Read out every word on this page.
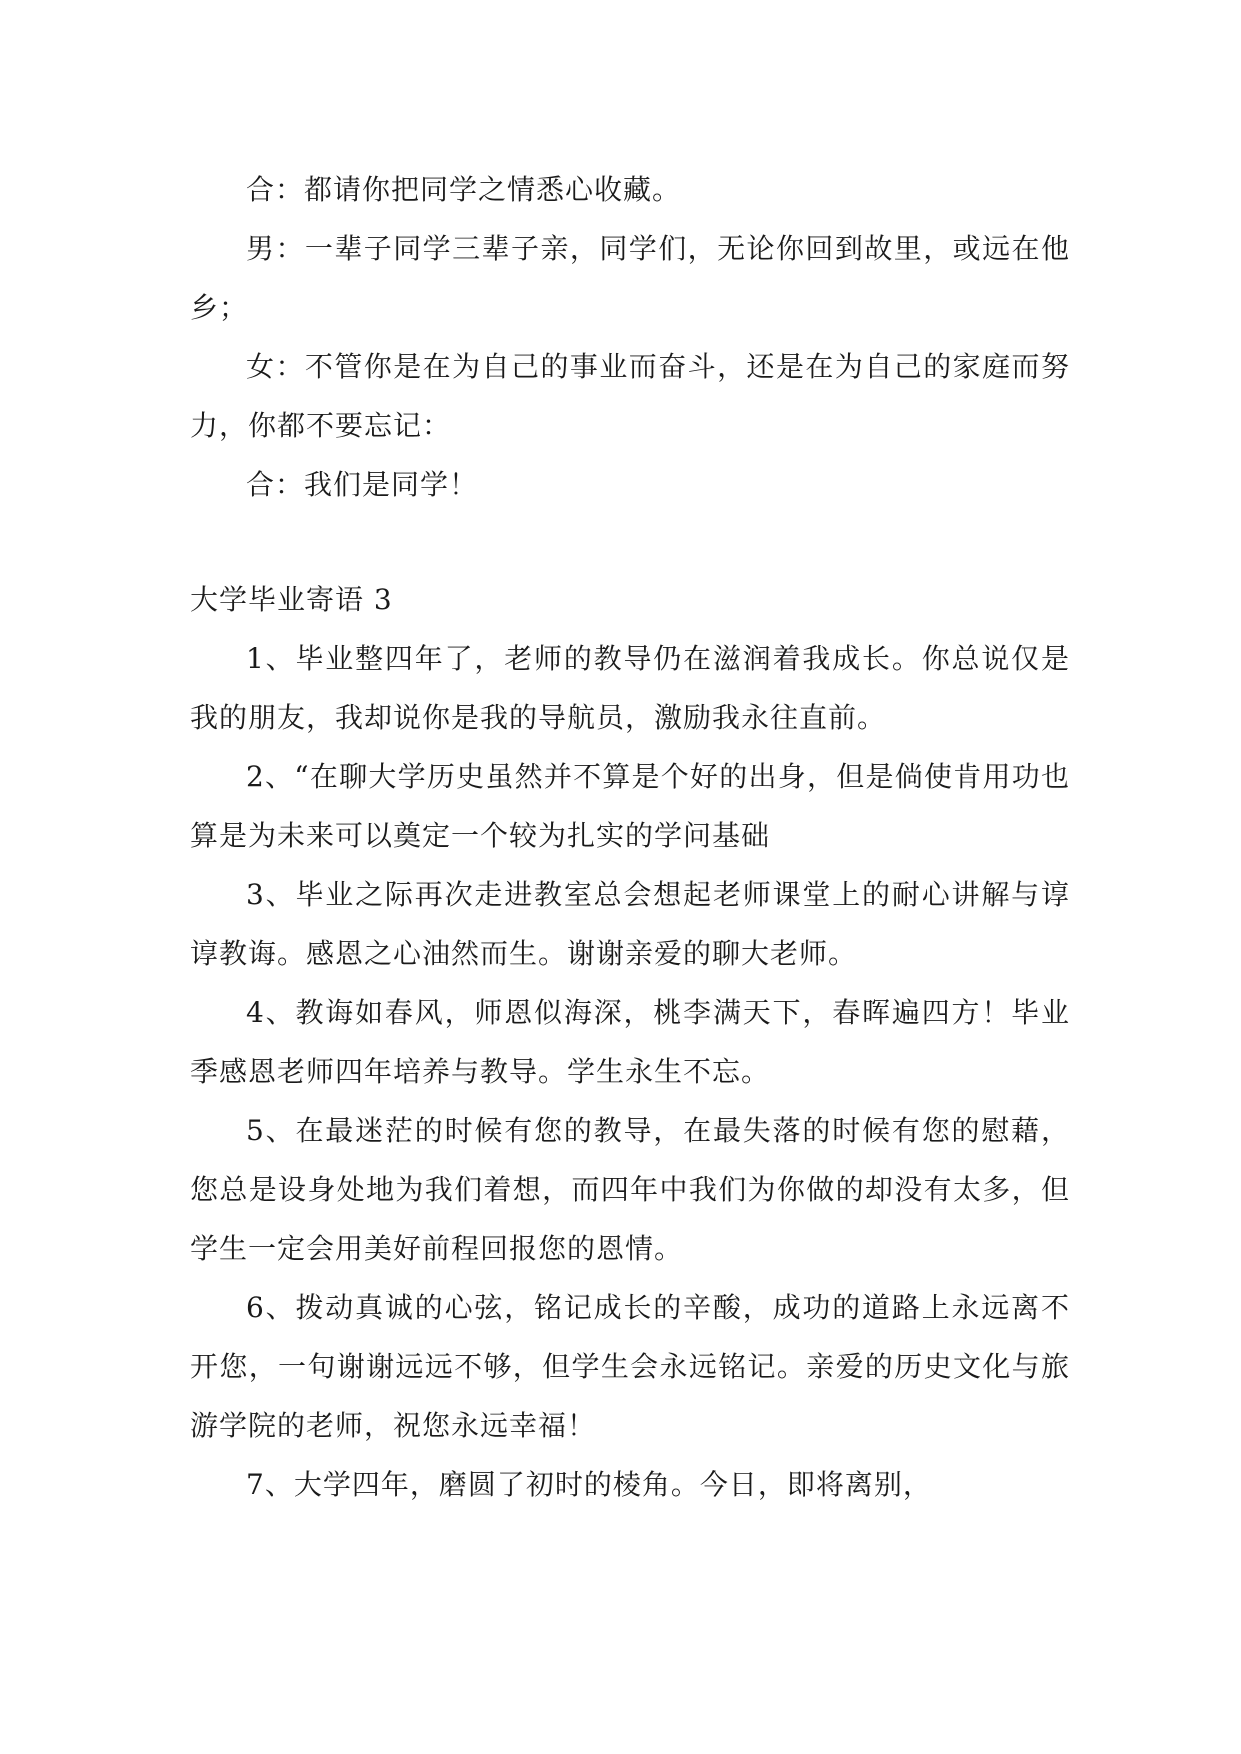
合：都请你把同学之情悉心收藏。

男：一辈子同学三辈子亲，同学们，无论你回到故里，或远在他乡；

女：不管你是在为自己的事业而奋斗，还是在为自己的家庭而努力，你都不要忘记：

合：我们是同学！

大学毕业寄语 3

1、毕业整四年了，老师的教导仍在滋润着我成长。你总说仅是我的朋友，我却说你是我的导航员，激励我永往直前。

2、“在聊大学历史虽然并不算是个好的出身，但是倘使肯用功也算是为未来可以奠定一个较为扎实的学问基础

3、毕业之际再次走进教室总会想起老师课堂上的耐心讲解与谆谆教诲。感恩之心油然而生。谢谢亲爱的聊大老师。

4、教诲如春风，师恩似海深，桃李满天下，春晖遍四方！毕业季感恩老师四年培养与教导。学生永生不忘。

5、在最迷茫的时候有您的教导，在最失落的时候有您的慰藉，您总是设身处地为我们着想，而四年中我们为你做的却没有太多，但学生一定会用美好前程回报您的恩情。

6、拨动真诚的心弦，铭记成长的辛酸，成功的道路上永远离不开您，一句谢谢远远不够，但学生会永远铭记。亲爱的历史文化与旅游学院的老师，祝您永远幸福！

7、大学四年，磨圆了初时的棱角。今日，即将离别，
